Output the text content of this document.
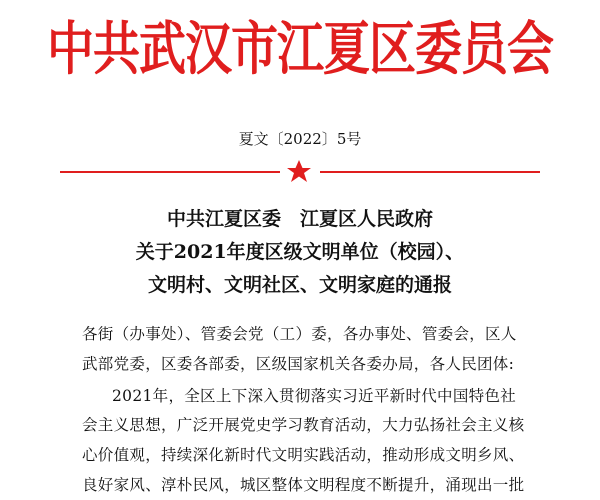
中共武汉市江夏区委员会
夏文〔2022〕5号
中共江夏区委　江夏区人民政府
关于2021年度区级文明单位（校园）、
文明村、文明社区、文明家庭的通报
各街（办事处）、管委会党（工）委，各办事处、管委会，区人
武部党委，区委各部委，区级国家机关各委办局，各人民团体:
2021年，全区上下深入贯彻落实习近平新时代中国特色社
会主义思想，广泛开展党史学习教育活动，大力弘扬社会主义核
心价值观，持续深化新时代文明实践活动，推动形成文明乡风、
良好家风、淳朴民风，城区整体文明程度不断提升，涌现出一批
